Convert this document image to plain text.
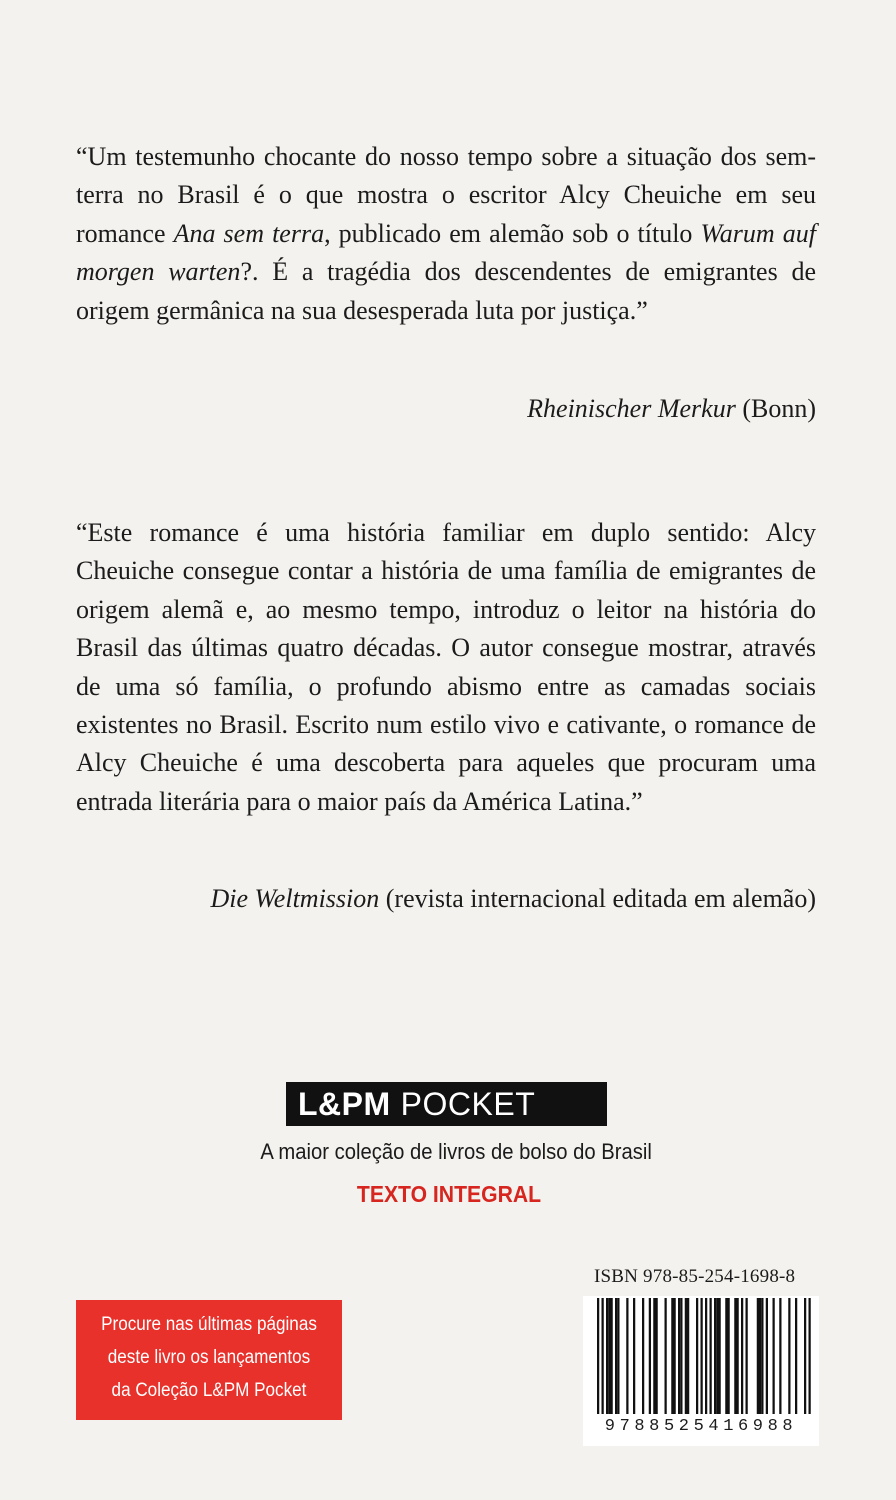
“Um testemunho chocante do nosso tempo sobre a situação dos sem-terra no Brasil é o que mostra o escritor Alcy Cheuiche em seu romance Ana sem terra, publicado em alemão sob o título Warum auf morgen warten?. É a tragédia dos descendentes de emigrantes de origem germânica na sua desesperada luta por justiça.”

Rheinischer Merkur (Bonn)

“Este romance é uma história familiar em duplo sentido: Alcy Cheuiche consegue contar a história de uma família de emigrantes de origem alemã e, ao mesmo tempo, introduz o leitor na história do Brasil das últimas quatro décadas. O autor consegue mostrar, através de uma só família, o profundo abismo entre as camadas sociais existentes no Brasil. Escrito num estilo vivo e cativante, o romance de Alcy Cheuiche é uma descoberta para aqueles que procuram uma entrada literária para o maior país da América Latina.”

Die Weltmission (revista internacional editada em alemão)

L&PM POCKET
A maior coleção de livros de bolso do Brasil
TEXTO INTEGRAL
Procure nas últimas páginas
deste livro os lançamentos
da Coleção L&PM Pocket
ISBN 978-85-254-1698-8
9788525416988
